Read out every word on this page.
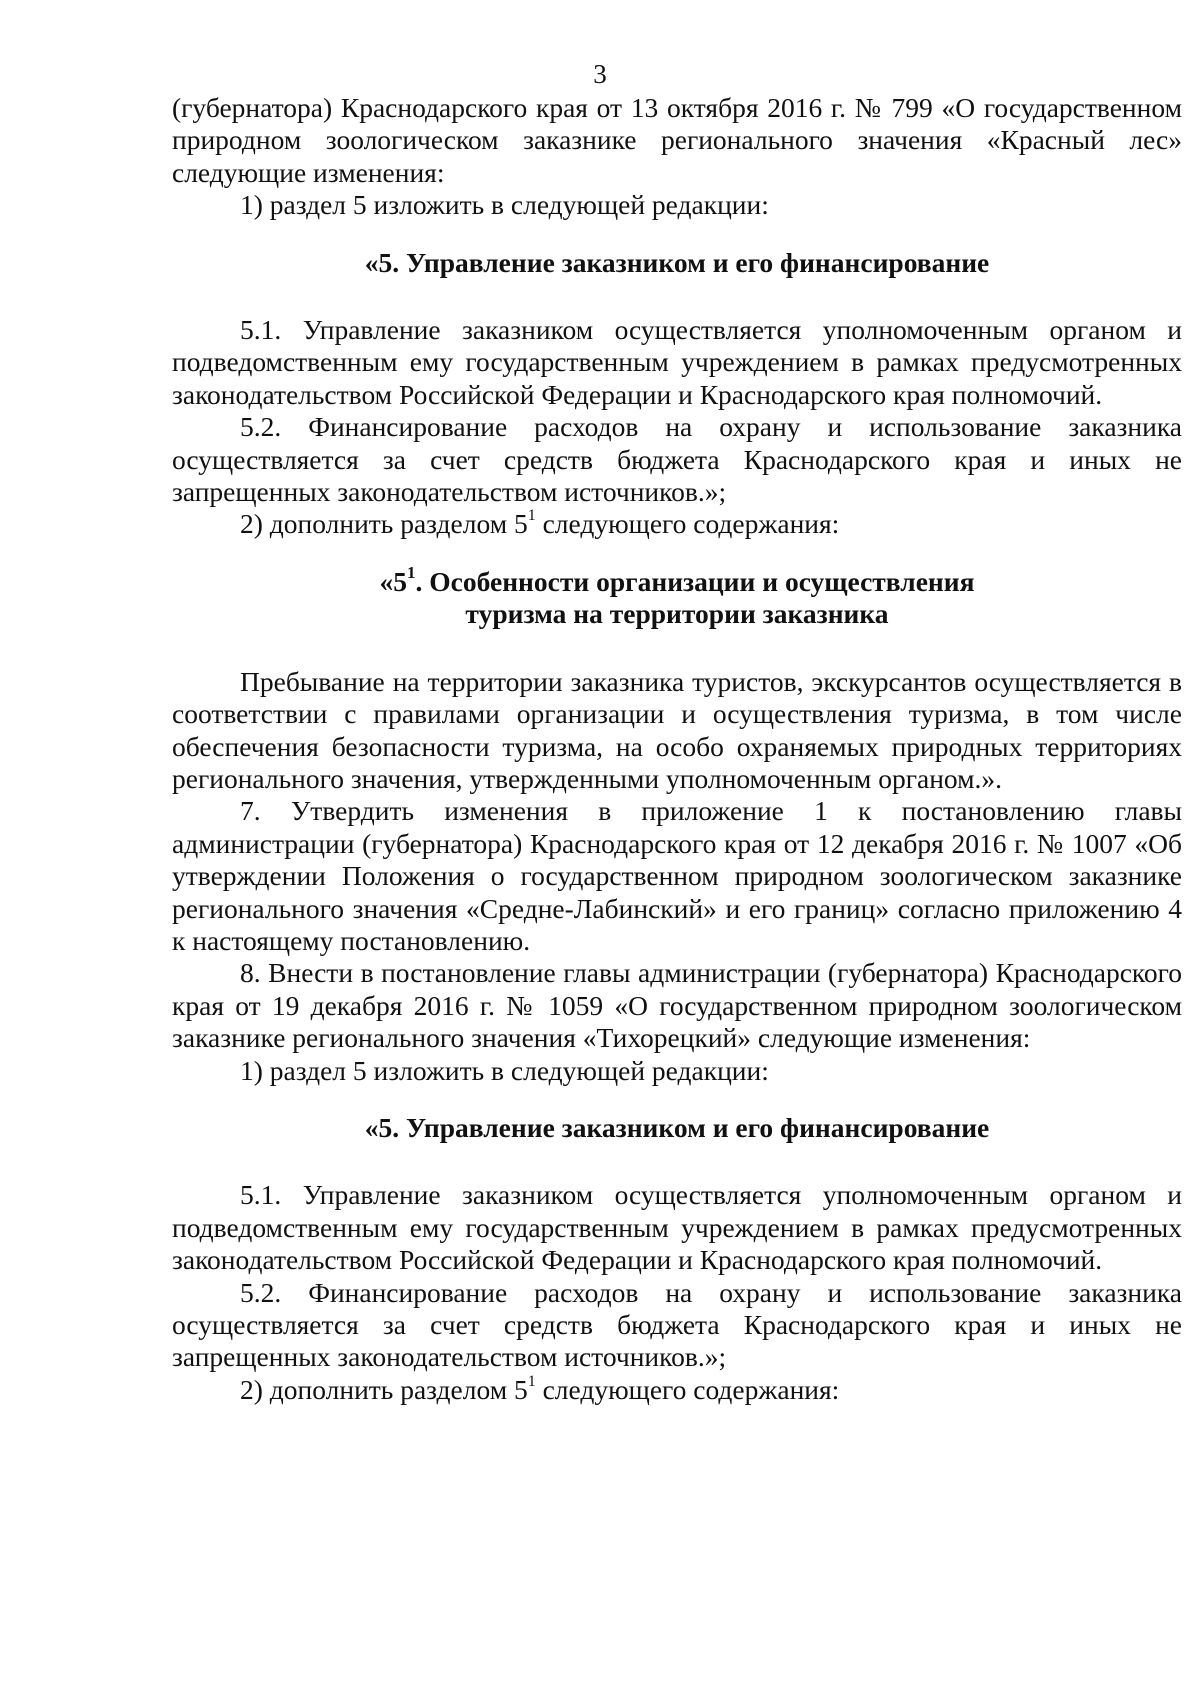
3

(губернатора) Краснодарского края от 13 октября 2016 г. № 799 «О государственном природном зоологическом заказнике регионального значения «Красный лес» следующие изменения:

1) раздел 5 изложить в следующей редакции:

«5. Управление заказником и его финансирование

5.1. Управление заказником осуществляется уполномоченным органом и подведомственным ему государственным учреждением в рамках предусмотренных законодательством Российской Федерации и Краснодарского края полномочий.

5.2. Финансирование расходов на охрану и использование заказника осуществляется за счет средств бюджета Краснодарского края и иных не запрещенных законодательством источников.»;

2) дополнить разделом $5^1$ следующего содержания:

«$5^1$. Особенности организации и осуществления
туризма на территории заказника

Пребывание на территории заказника туристов, экскурсантов осуществляется в соответствии с правилами организации и осуществления туризма, в том числе обеспечения безопасности туризма, на особо охраняемых природных территориях регионального значения, утвержденными уполномоченным органом.».

7. Утвердить изменения в приложение 1 к постановлению главы администрации (губернатора) Краснодарского края от 12 декабря 2016 г. № 1007 «Об утверждении Положения о государственном природном зоологическом заказнике регионального значения «Средне-Лабинский» и его границ» согласно приложению 4 к настоящему постановлению.

8. Внести в постановление главы администрации (губернатора) Краснодарского края от 19 декабря 2016 г. № 1059 «О государственном природном зоологическом заказнике регионального значения «Тихорецкий» следующие изменения:

1) раздел 5 изложить в следующей редакции:

«5. Управление заказником и его финансирование

5.1. Управление заказником осуществляется уполномоченным органом и подведомственным ему государственным учреждением в рамках предусмотренных законодательством Российской Федерации и Краснодарского края полномочий.

5.2. Финансирование расходов на охрану и использование заказника осуществляется за счет средств бюджета Краснодарского края и иных не запрещенных законодательством источников.»;

2) дополнить разделом $5^1$ следующего содержания:
